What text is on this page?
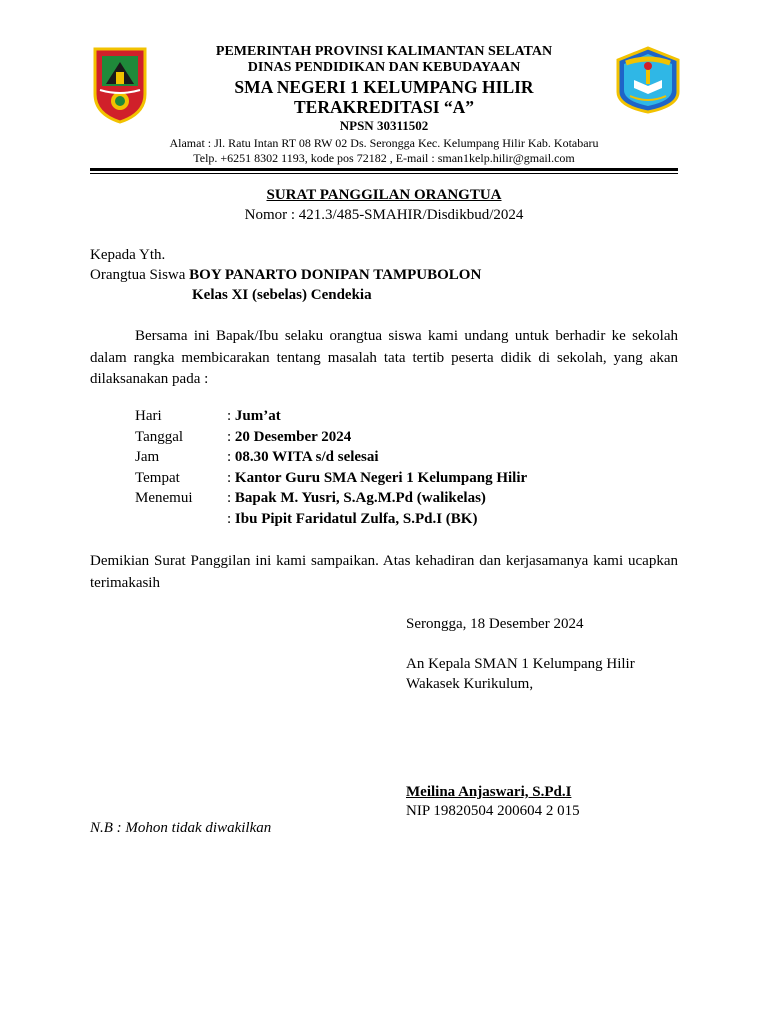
PEMERINTAH PROVINSI KALIMANTAN SELATAN
DINAS PENDIDIKAN DAN KEBUDAYAAN
SMA NEGERI 1 KELUMPANG HILIR
TERAKREDITASI “A”
NPSN 30311502
Alamat : Jl. Ratu Intan RT 08 RW 02 Ds. Serongga Kec. Kelumpang Hilir Kab. Kotabaru
Telp. +6251 8302 1193, kode pos 72182 , E-mail : sman1kelp.hilir@gmail.com
SURAT PANGGILAN ORANGTUA
Nomor : 421.3/485-SMAHIR/Disdikbud/2024
Kepada Yth.
Orangtua Siswa BOY PANARTO DONIPAN TAMPUBOLON
Kelas XI (sebelas) Cendekia
Bersama ini Bapak/Ibu selaku orangtua siswa kami undang untuk berhadir ke sekolah dalam rangka membicarakan tentang masalah tata tertib peserta didik di sekolah, yang akan dilaksanakan pada :
Hari	: Jum’at
Tanggal	: 20 Desember 2024
Jam	: 08.30 WITA s/d selesai
Tempat	: Kantor Guru SMA Negeri 1 Kelumpang Hilir
Menemui	: Bapak M. Yusri, S.Ag.M.Pd (walikelas)
	: Ibu Pipit Faridatul Zulfa, S.Pd.I (BK)
Demikian Surat Panggilan ini kami sampaikan. Atas kehadiran dan kerjasamanya kami ucapkan terimakasih
Serongga, 18 Desember 2024
An Kepala SMAN 1 Kelumpang Hilir
Wakasek Kurikulum,
Meilina Anjaswari, S.Pd.I
NIP 19820504 200604 2 015
N.B : Mohon tidak diwakilkan
